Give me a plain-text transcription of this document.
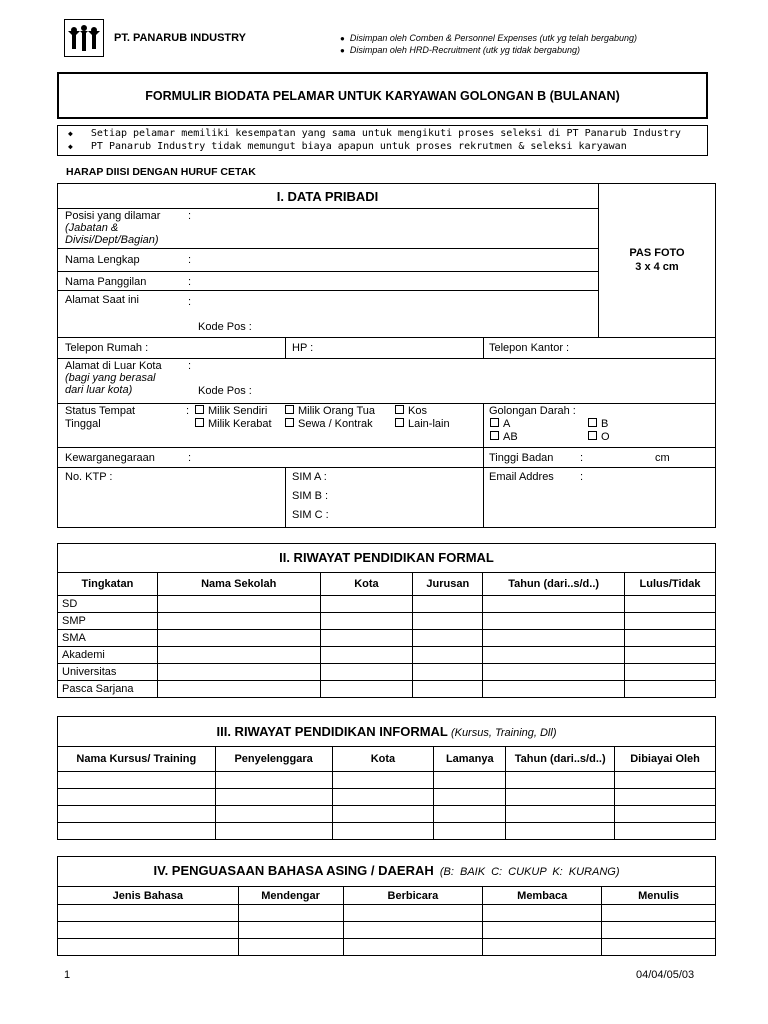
PT. PANARUB INDUSTRY	● Disimpan oleh Comben & Personnel Expenses (utk yg telah bergabung)
● Disimpan oleh HRD-Recruitment (utk yg tidak bergabung)
FORMULIR BIODATA PELAMAR UNTUK KARYAWAN GOLONGAN B (BULANAN)
◆ Setiap pelamar memiliki kesempatan yang sama untuk mengikuti proses seleksi di PT Panarub Industry
◆ PT Panarub Industry tidak memungut biaya apapun untuk proses rekrutmen & seleksi karyawan
HARAP DIISI DENGAN HURUF CETAK
I. DATA PRIBADI
PAS FOTO
3 x 4 cm
Posisi yang dilamar
(Jabatan &
Divisi/Dept/Bagian)
:
Nama Lengkap	:
Nama Panggilan	:
Alamat Saat ini	:
Kode Pos :
Telepon Rumah :	HP :	Telepon Kantor :
Alamat di Luar Kota
(bagi yang berasal
dari luar kota)
:
Kode Pos :
Status Tempat
Tinggal
:	Milik Sendiri	Milik Orang Tua	Kos
Milik Kerabat	Sewa / Kontrak	Lain-lain
Golongan Darah :
A	B
AB	O
Kewarganegaraan	:	Tinggi Badan :	cm
No. KTP :	SIM A :
SIM B :
SIM C :
Email Addres :
II. RIWAYAT PENDIDIKAN FORMAL
Tingkatan	Nama Sekolah	Kota	Jurusan	Tahun (dari..s/d..)	Lulus/Tidak
SD					
SMP					
SMA					
Akademi					
Universitas					
Pasca Sarjana					
III. RIWAYAT PENDIDIKAN INFORMAL (Kursus, Training, Dll)
Nama Kursus/ Training	Penyelenggara	Kota	Lamanya	Tahun (dari..s/d..)	Dibiayai Oleh

IV. PENGUASAAN BAHASA ASING / DAERAH (B: BAIK C: CUKUP K: KURANG)
Jenis Bahasa	Mendengar	Berbicara	Membaca	Menulis

1	04/04/05/03
